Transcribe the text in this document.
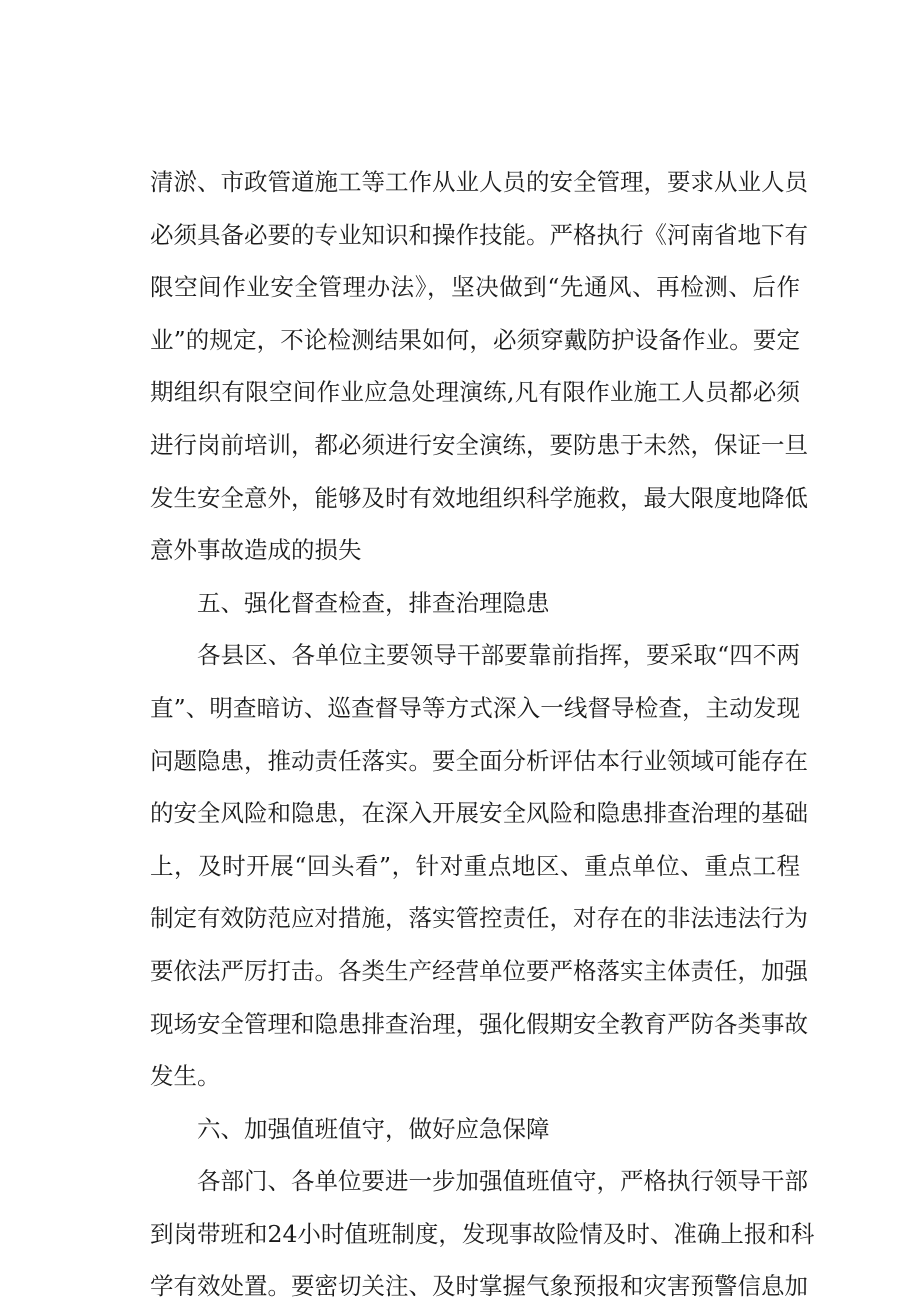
清淤、市政管道施工等工作从业人员的安全管理，要求从业人员
必须具备必要的专业知识和操作技能。严格执行《河南省地下有
限空间作业安全管理办法》，坚决做到“先通风、再检测、后作
业”的规定，不论检测结果如何，必须穿戴防护设备作业。要定
期组织有限空间作业应急处理演练,凡有限作业施工人员都必须
进行岗前培训，都必须进行安全演练，要防患于未然，保证一旦
发生安全意外，能够及时有效地组织科学施救，最大限度地降低
意外事故造成的损失
五、强化督查检查，排查治理隐患
各县区、各单位主要领导干部要靠前指挥，要采取“四不两
直”、明查暗访、巡查督导等方式深入一线督导检查，主动发现
问题隐患，推动责任落实。要全面分析评估本行业领域可能存在
的安全风险和隐患，在深入开展安全风险和隐患排查治理的基础
上，及时开展“回头看”，针对重点地区、重点单位、重点工程
制定有效防范应对措施，落实管控责任，对存在的非法违法行为
要依法严厉打击。各类生产经营单位要严格落实主体责任，加强
现场安全管理和隐患排查治理，强化假期安全教育严防各类事故
发生。
六、加强值班值守，做好应急保障
各部门、各单位要进一步加强值班值守，严格执行领导干部
到岗带班和24小时值班制度，发现事故险情及时、准确上报和科
学有效处置。要密切关注、及时掌握气象预报和灾害预警信息加
